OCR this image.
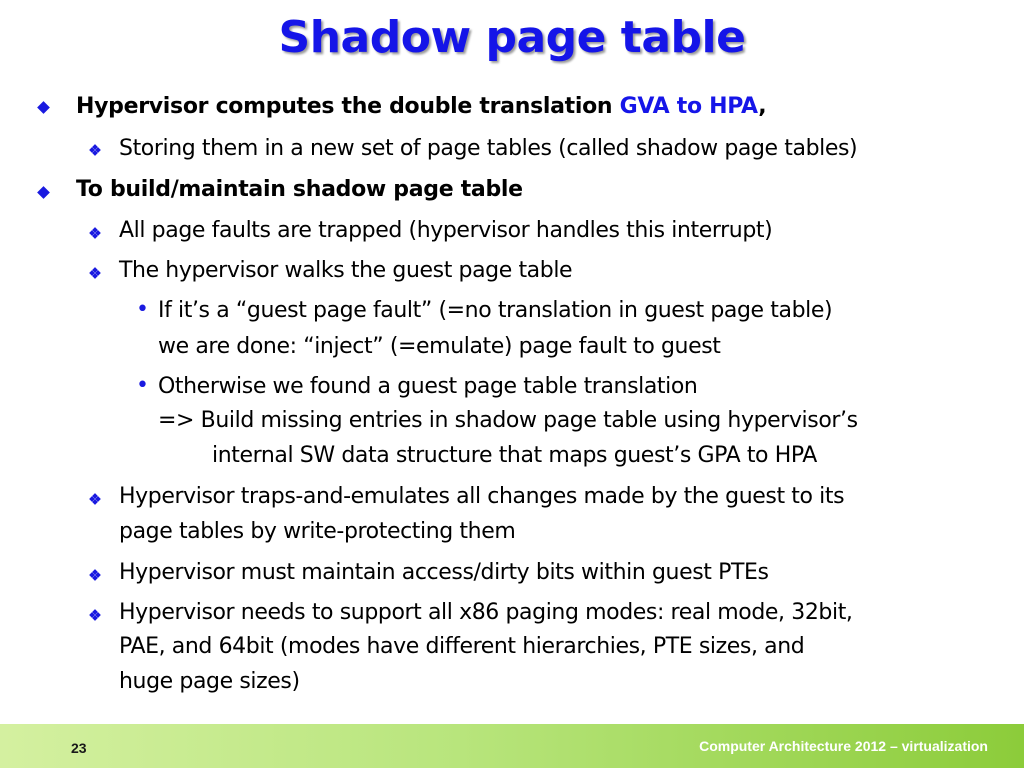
Shadow page table
Hypervisor computes the double translation GVA to HPA,
Storing them in a new set of page tables (called shadow page tables)
To build/maintain shadow page table
All page faults are trapped (hypervisor handles this interrupt)
The hypervisor walks the guest page table
• If it’s a “guest page fault” (=no translation in guest page table)
we are done: “inject” (=emulate) page fault to guest
• Otherwise we found a guest page table translation
=> Build missing entries in shadow page table using hypervisor’s
internal SW data structure that maps guest’s GPA to HPA
Hypervisor traps-and-emulates all changes made by the guest to its
page tables by write-protecting them
Hypervisor must maintain access/dirty bits within guest PTEs
Hypervisor needs to support all x86 paging modes: real mode, 32bit,
PAE, and 64bit (modes have different hierarchies, PTE sizes, and
huge page sizes)
23	Computer Architecture 2012 – virtualization
